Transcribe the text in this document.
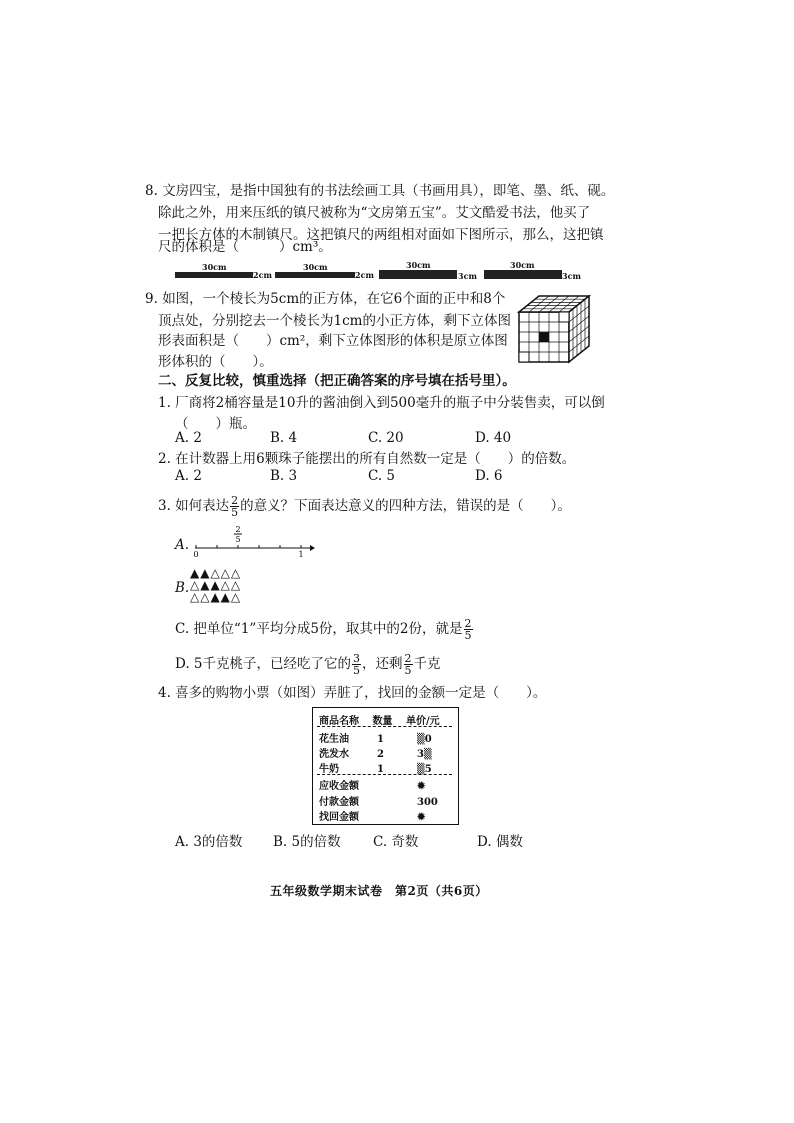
8. 文房四宝，是指中国独有的书法绘画工具（书画用具），即笔、墨、纸、砚。
除此之外，用来压纸的镇尺被称为“文房第五宝”。艾文酷爱书法，他买了
一把长方体的木制镇尺。这把镇尺的两组相对面如下图所示，那么，这把镇
尺的体积是（	）cm³。
30cm
2cm
30cm
2cm
30cm
3cm
30cm
3cm
9. 如图，一个棱长为5cm的正方体，在它6个面的正中和8个
顶点处，分别挖去一个棱长为1cm的小正方体，剩下立体图
形表面积是（　　）cm²，剩下立体图形的体积是原立体图
形体积的（　　）。
二、反复比较，慎重选择（把正确答案的序号填在括号里）。
1. 厂商将2桶容量是10升的酱油倒入到500毫升的瓶子中分装售卖，可以倒
（　　）瓶。
A. 2	B. 4	C. 20	D. 40
2. 在计数器上用6颗珠子能摆出的所有自然数一定是（　　）的倍数。
A. 2	B. 3	C. 5	D. 6
3. 如何表达 $\frac{2}{5}$ 的意义？下面表达意义的四种方法，错误的是（　　）。
A.
0	1
2
5
B.
▲▲△△△
△▲▲△△
△△▲▲△
C. 把单位“1”平均分成5份，取其中的2份，就是 $\frac{2}{5}$
D. 5千克桃子，已经吃了它的 $\frac{3}{5}$ ，还剩 $\frac{2}{5}$ 千克
4. 喜多的购物小票（如图）弄脏了，找回的金额一定是（　　）。
商品名称 数量 单价/元
花生油	1	▒0
洗发水	2	3▒
牛奶	1	▒5
应收金额	✹
付款金额	300
找回金额	✹
A. 3的倍数 B. 5的倍数 C. 奇数	D. 偶数
五年级数学期末试卷　第2页（共6页）
